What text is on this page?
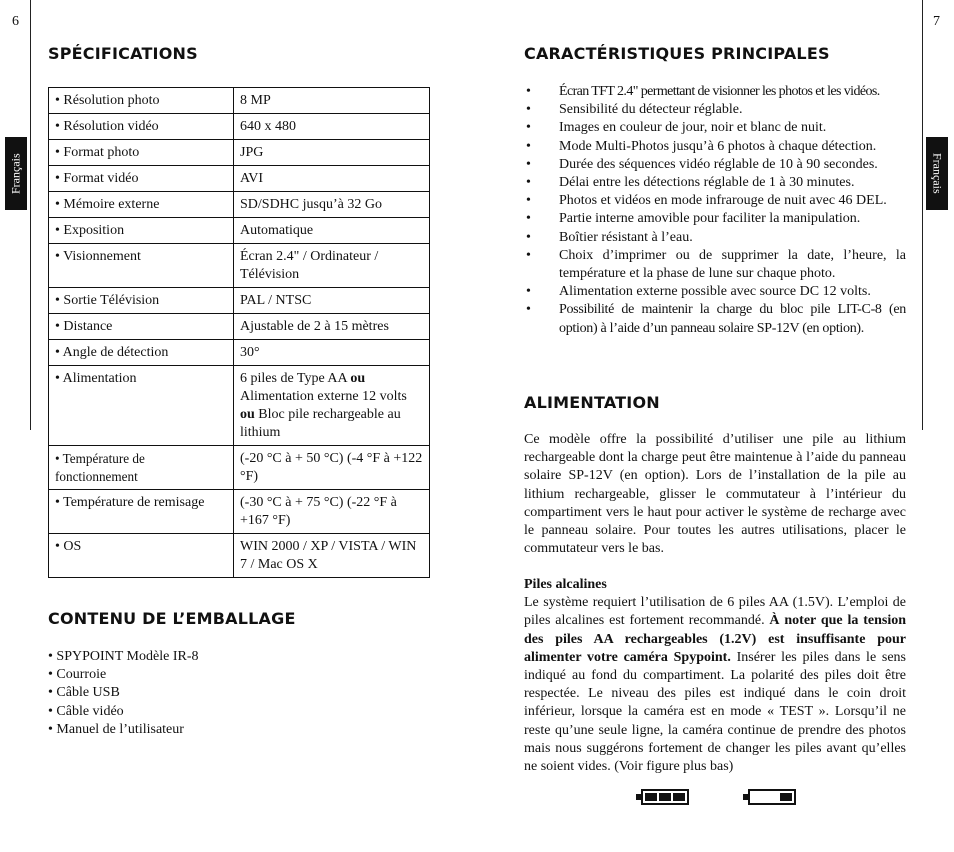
6
Français
SPÉCIFICATIONS
• Résolution photo	8 MP
• Résolution vidéo	640 x 480
• Format photo	JPG
• Format vidéo	AVI
• Mémoire externe	SD/SDHC jusqu’à 32 Go
• Exposition	Automatique
• Visionnement	Écran 2.4" / Ordinateur / Télévision
• Sortie Télévision	PAL / NTSC
• Distance	Ajustable de 2 à 15 mètres
• Angle de détection	30°
• Alimentation	6 piles de Type AA ou Alimentation externe 12 volts ou Bloc pile rechargeable au lithium
• Température de fonctionnement	(-20 °C à + 50 °C) (-4 °F à +122 °F)
• Température de remisage	(-30 °C à + 75 °C) (-22 °F à +167 °F)
• OS	WIN 2000 / XP / VISTA / WIN 7 / Mac OS X
CONTENU DE L’EMBALLAGE
• SPYPOINT Modèle IR-8
• Courroie
• Câble USB
• Câble vidéo
• Manuel de l’utilisateur
7
Français
CARACTÉRISTIQUES PRINCIPALES
• Écran TFT 2.4" permettant de visionner les photos et les vidéos.
• Sensibilité du détecteur réglable.
• Images en couleur de jour, noir et blanc de nuit.
• Mode Multi-Photos jusqu’à 6 photos à chaque détection.
• Durée des séquences vidéo réglable de 10 à 90 secondes.
• Délai entre les détections réglable de 1 à 30 minutes.
• Photos et vidéos en mode infrarouge de nuit avec 46 DEL.
• Partie interne amovible pour faciliter la manipulation.
• Boîtier résistant à l’eau.
• Choix d’imprimer ou de supprimer la date, l’heure, la température et la phase de lune sur chaque photo.
• Alimentation externe possible avec source DC 12 volts.
• Possibilité de maintenir la charge du bloc pile LIT-C-8 (en option) à l’aide d’un panneau solaire SP-12V (en option).
ALIMENTATION

Ce modèle offre la possibilité d’utiliser une pile au lithium rechargeable dont la charge peut être maintenue à l’aide du panneau solaire SP-12V (en option). Lors de l’installation de la pile au lithium rechargeable, glisser le commutateur à l’intérieur du compartiment vers le haut pour activer le système de recharge avec le panneau solaire. Pour toutes les autres utilisations, placer le commutateur vers le bas.

Piles alcalines
Le système requiert l’utilisation de 6 piles AA (1.5V). L’emploi de piles alcalines est fortement recommandé. À noter que la tension des piles AA rechargeables (1.2V) est insuffisante pour alimenter votre caméra Spypoint. Insérer les piles dans le sens indiqué au fond du compartiment. La polarité des piles doit être respectée. Le niveau des piles est indiqué dans le coin droit inférieur, lorsque la caméra est en mode « TEST ». Lorsqu’il ne reste qu’une seule ligne, la caméra continue de prendre des photos mais nous suggérons fortement de changer les piles avant qu’elles ne soient vides. (Voir figure plus bas)
